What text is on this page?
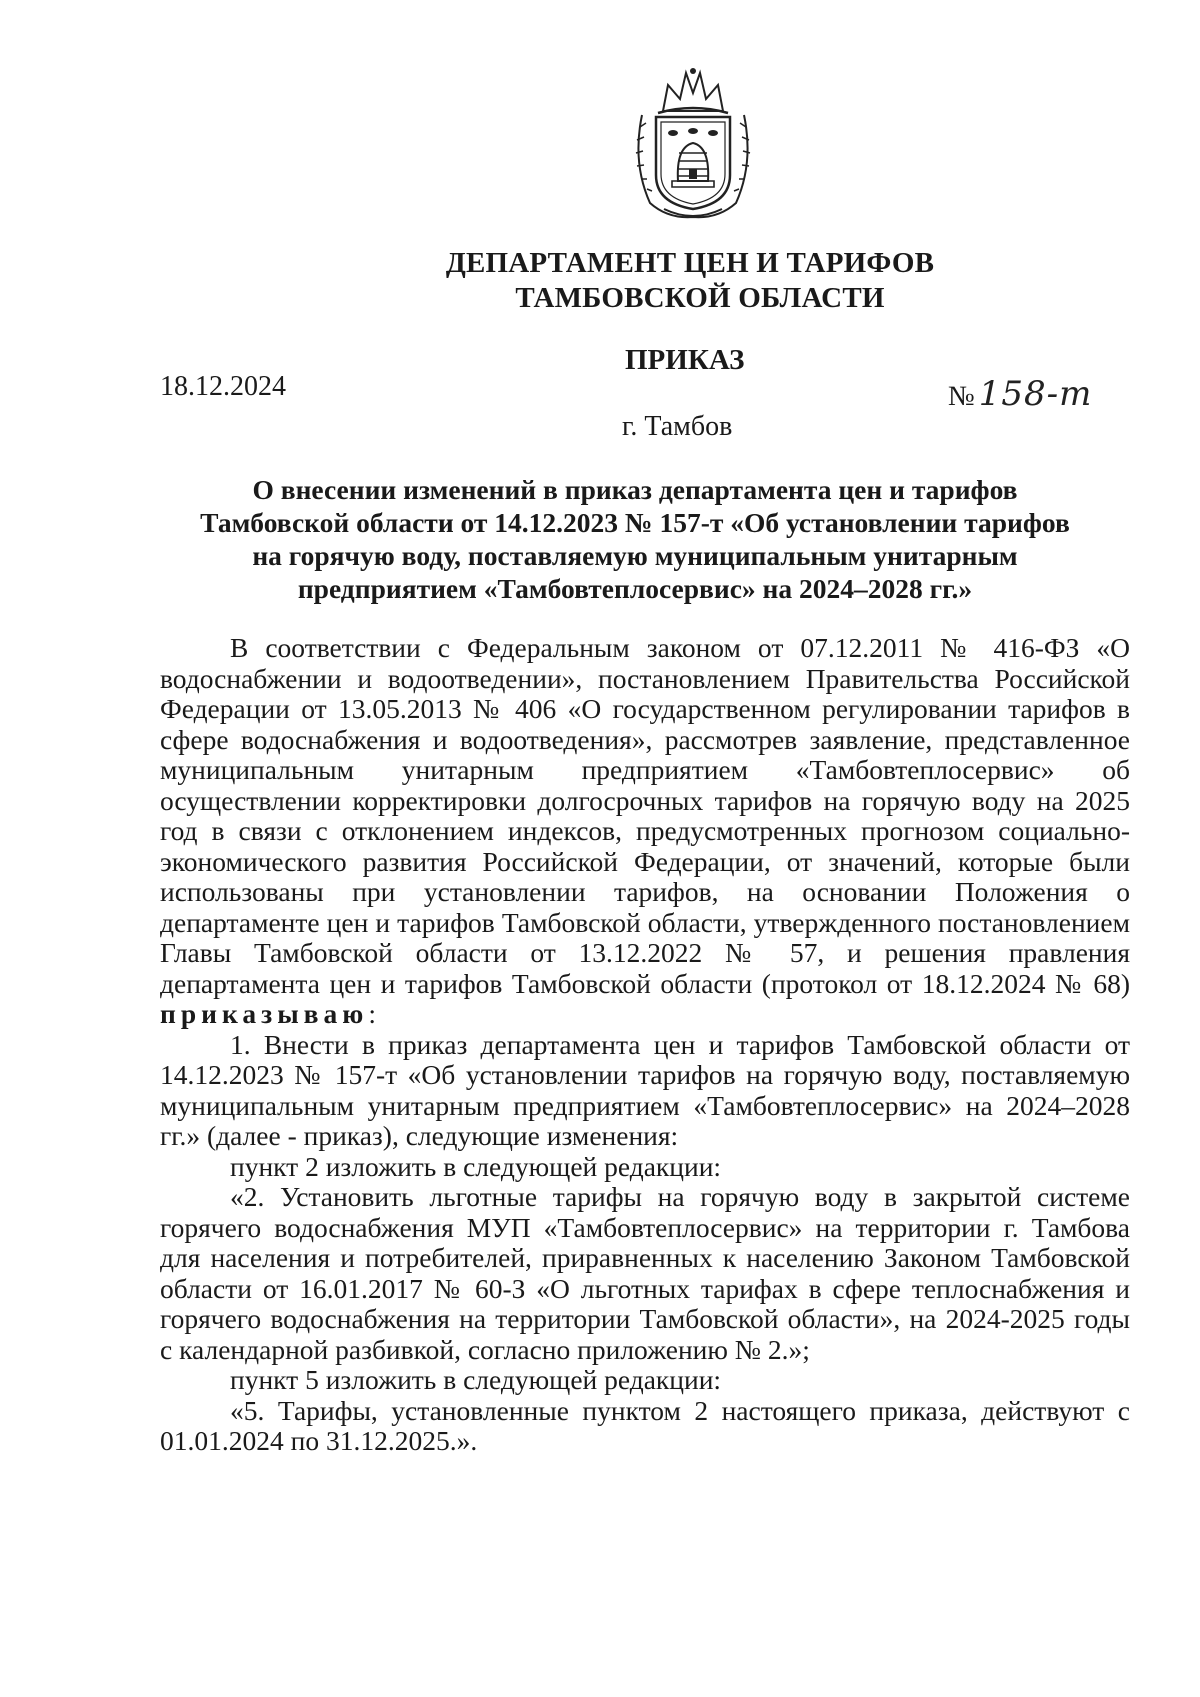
ДЕПАРТАМЕНТ ЦЕН И ТАРИФОВ
ТАМБОВСКОЙ ОБЛАСТИ
ПРИКАЗ
18.12.2024	№ 158-т
г. Тамбов
О внесении изменений в приказ департамента цен и тарифов
Тамбовской области от 14.12.2023 № 157-т «Об установлении тарифов
на горячую воду, поставляемую муниципальным унитарным
предприятием «Тамбовтеплосервис» на 2024–2028 гг.»

В соответствии с Федеральным законом от 07.12.2011 № 416-ФЗ «О водоснабжении и водоотведении», постановлением Правительства Российской Федерации от 13.05.2013 № 406 «О государственном регулировании тарифов в сфере водоснабжения и водоотведения», рассмотрев заявление, представленное муниципальным унитарным предприятием «Тамбовтеплосервис» об осуществлении корректировки долгосрочных тарифов на горячую воду на 2025 год в связи с отклонением индексов, предусмотренных прогнозом социально-экономического развития Российской Федерации, от значений, которые были использованы при установлении тарифов, на основании Положения о департаменте цен и тарифов Тамбовской области, утвержденного постановлением Главы Тамбовской области от 13.12.2022 № 57, и решения правления департамента цен и тарифов Тамбовской области (протокол от 18.12.2024 № 68) приказываю:

1. Внести в приказ департамента цен и тарифов Тамбовской области от 14.12.2023 № 157-т «Об установлении тарифов на горячую воду, поставляемую муниципальным унитарным предприятием «Тамбовтеплосервис» на 2024–2028 гг.» (далее - приказ), следующие изменения:

пункт 2 изложить в следующей редакции:

«2. Установить льготные тарифы на горячую воду в закрытой системе горячего водоснабжения МУП «Тамбовтеплосервис» на территории г. Тамбова для населения и потребителей, приравненных к населению Законом Тамбовской области от 16.01.2017 № 60-З «О льготных тарифах в сфере теплоснабжения и горячего водоснабжения на территории Тамбовской области», на 2024-2025 годы с календарной разбивкой, согласно приложению № 2.»;

пункт 5 изложить в следующей редакции:

«5. Тарифы, установленные пунктом 2 настоящего приказа, действуют с 01.01.2024 по 31.12.2025.».
